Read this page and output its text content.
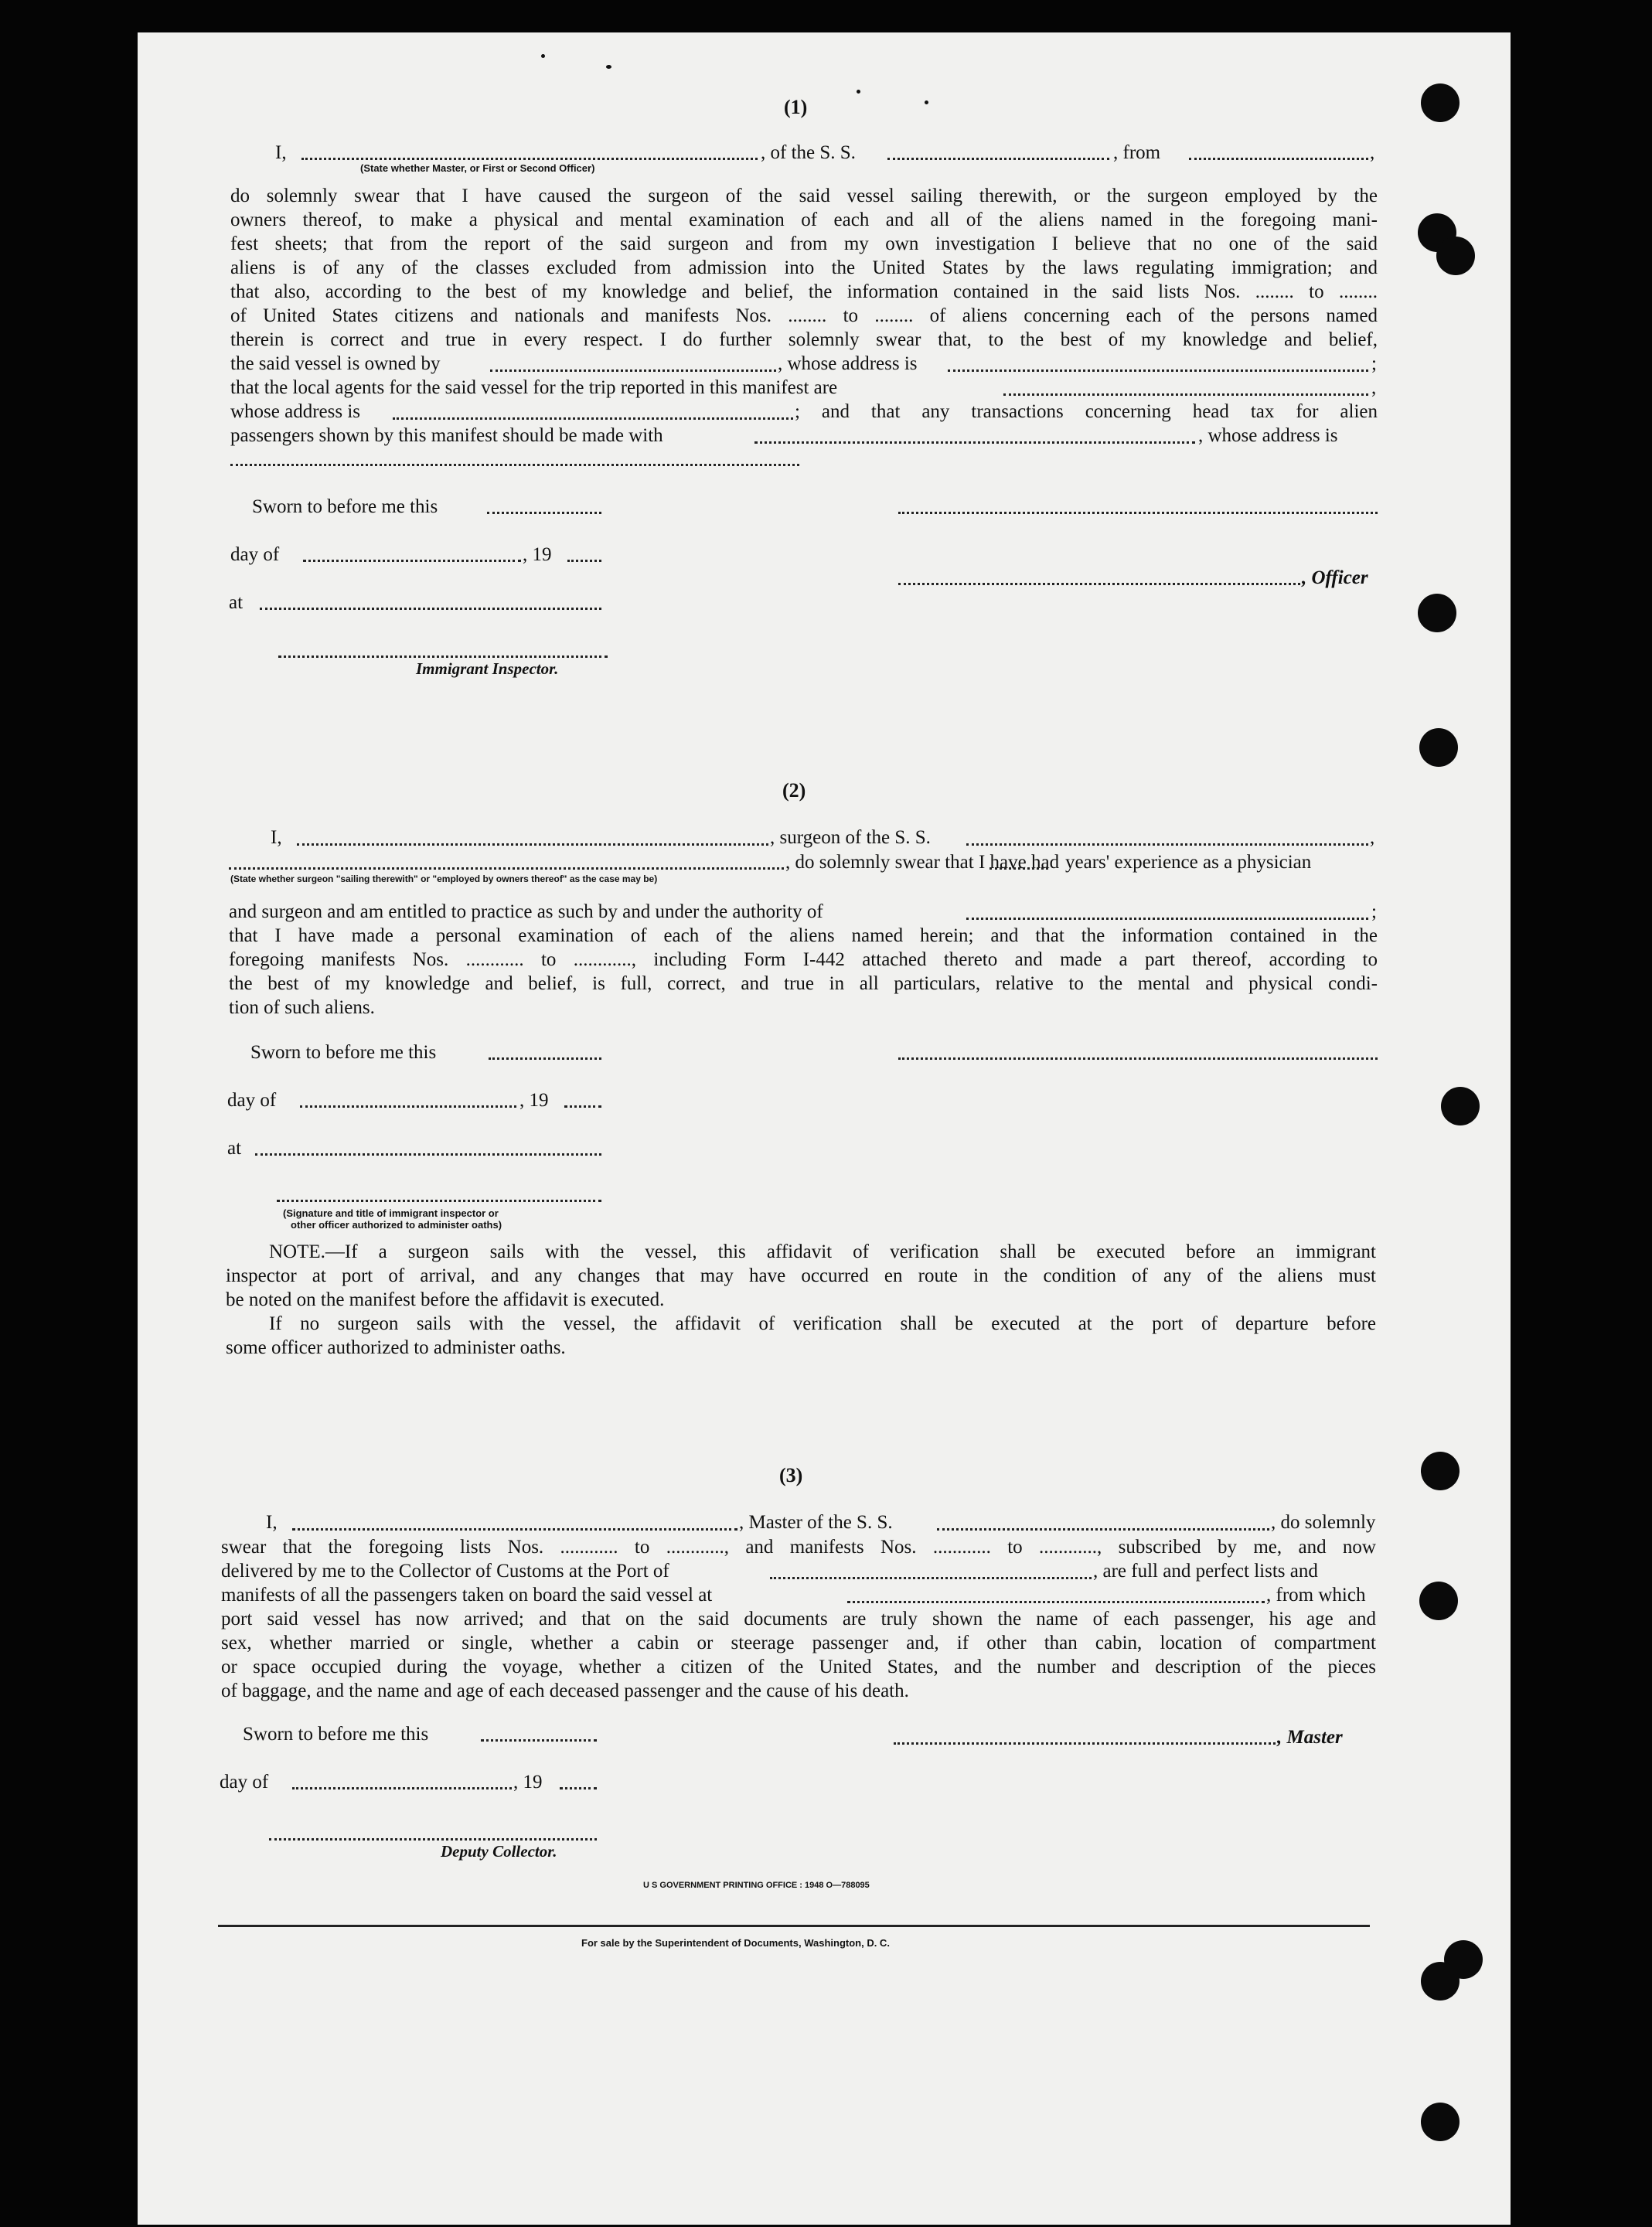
(1)
I,	, of the S. S.	, from	,
(State whether Master, or First or Second Officer)
do solemnly swear that I have caused the surgeon of the said vessel sailing therewith, or the surgeon employed by the
owners thereof, to make a physical and mental examination of each and all of the aliens named in the foregoing mani-
fest sheets; that from the report of the said surgeon and from my own investigation I believe that no one of the said
aliens is of any of the classes excluded from admission into the United States by the laws regulating immigration; and
that also, according to the best of my knowledge and belief, the information contained in the said lists Nos. ........ to ........
of United States citizens and nationals and manifests Nos. ........ to ........ of aliens concerning each of the persons named
therein is correct and true in every respect. I do further solemnly swear that, to the best of my knowledge and belief,
the said vessel is owned by	, whose address is	;
that the local agents for the said vessel for the trip reported in this manifest are	,
whose address is	; and that any transactions concerning head tax for alien
passengers shown by this manifest should be made with	, whose address is
Sworn to before me this
day of	, 19
, Officer
at
Immigrant Inspector.
(2)
I,	, surgeon of the S. S.	,
, do solemnly swear that I have had years' experience as a physician
(State whether surgeon "sailing therewith" or "employed by owners thereof" as the case may be)
and surgeon and am entitled to practice as such by and under the authority of	;
that I have made a personal examination of each of the aliens named herein; and that the information contained in the
foregoing manifests Nos. ............ to ............, including Form I-442 attached thereto and made a part thereof, according to
the best of my knowledge and belief, is full, correct, and true in all particulars, relative to the mental and physical condi-
tion of such aliens.
Sworn to before me this
day of	, 19
at
(Signature and title of immigrant inspector or
other officer authorized to administer oaths)
NOTE.—If a surgeon sails with the vessel, this affidavit of verification shall be executed before an immigrant
inspector at port of arrival, and any changes that may have occurred en route in the condition of any of the aliens must
be noted on the manifest before the affidavit is executed.
If no surgeon sails with the vessel, the affidavit of verification shall be executed at the port of departure before
some officer authorized to administer oaths.
(3)
I,	, Master of the S. S.	, do solemnly
swear that the foregoing lists Nos. ............ to ............, and manifests Nos. ............ to ............, subscribed by me, and now
delivered by me to the Collector of Customs at the Port of	, are full and perfect lists and
manifests of all the passengers taken on board the said vessel at	, from which
port said vessel has now arrived; and that on the said documents are truly shown the name of each passenger, his age and
sex, whether married or single, whether a cabin or steerage passenger and, if other than cabin, location of compartment
or space occupied during the voyage, whether a citizen of the United States, and the number and description of the pieces
of baggage, and the name and age of each deceased passenger and the cause of his death.
Sworn to before me this	, Master
day of	, 19
Deputy Collector.
U S GOVERNMENT PRINTING OFFICE : 1948 O—788095
For sale by the Superintendent of Documents, Washington, D. C.
